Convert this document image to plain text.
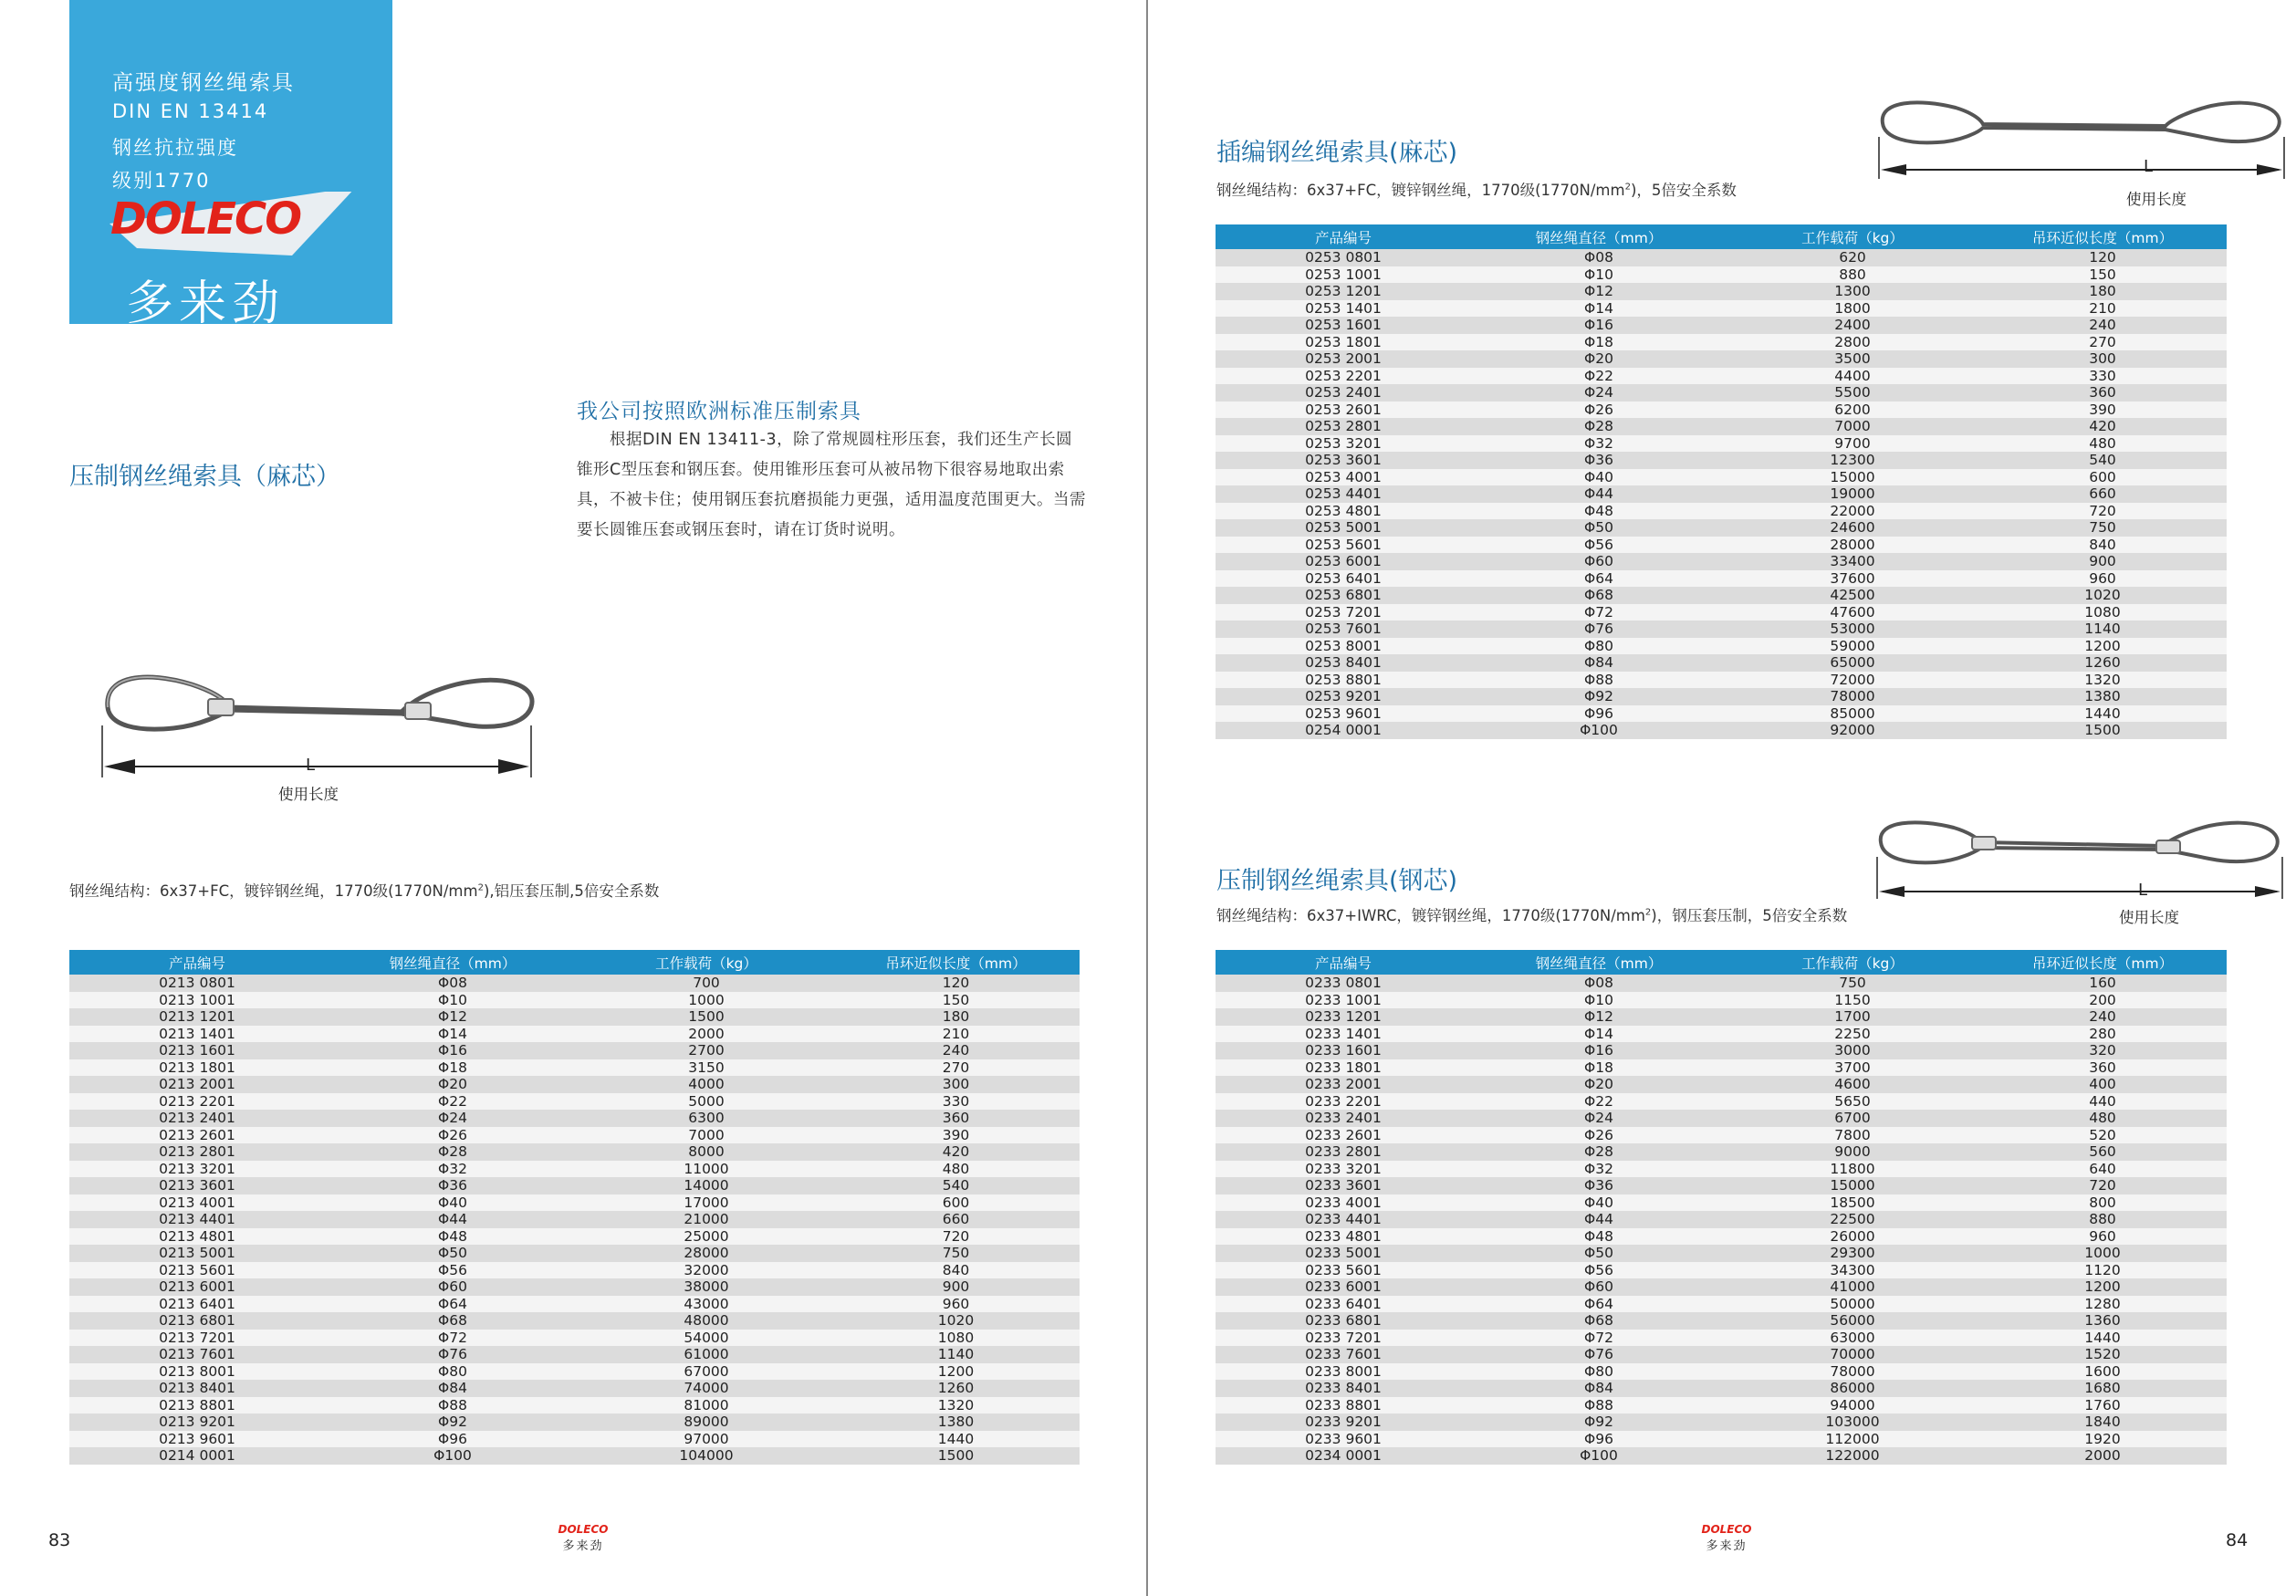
高强度钢丝绳索具
DIN EN 13414
钢丝抗拉强度
级别1770
DOLECO
多来劲
我公司按照欧洲标准压制索具
根据DIN EN 13411-3，除了常规圆柱形压套，我们还生产长圆锥形C型压套和钢压套。使用锥形压套可从被吊物下很容易地取出索具，不被卡住；使用钢压套抗磨损能力更强，适用温度范围更大。当需要长圆锥压套或钢压套时，请在订货时说明。
压制钢丝绳索具（麻芯）
L
使用长度
钢丝绳结构：6x37+FC，镀锌钢丝绳，1770级$(1770N/mm^2)$,铝压套压制,5倍安全系数
产品编号	钢丝绳直径（mm）	工作载荷（kg）	吊环近似长度（mm）
0213 0801	Φ08	700	120
0213 1001	Φ10	1000	150
0213 1201	Φ12	1500	180
0213 1401	Φ14	2000	210
0213 1601	Φ16	2700	240
0213 1801	Φ18	3150	270
0213 2001	Φ20	4000	300
0213 2201	Φ22	5000	330
0213 2401	Φ24	6300	360
0213 2601	Φ26	7000	390
0213 2801	Φ28	8000	420
0213 3201	Φ32	11000	480
0213 3601	Φ36	14000	540
0213 4001	Φ40	17000	600
0213 4401	Φ44	21000	660
0213 4801	Φ48	25000	720
0213 5001	Φ50	28000	750
0213 5601	Φ56	32000	840
0213 6001	Φ60	38000	900
0213 6401	Φ64	43000	960
0213 6801	Φ68	48000	1020
0213 7201	Φ72	54000	1080
0213 7601	Φ76	61000	1140
0213 8001	Φ80	67000	1200
0213 8401	Φ84	74000	1260
0213 8801	Φ88	81000	1320
0213 9201	Φ92	89000	1380
0213 9601	Φ96	97000	1440
0214 0001	Φ100	104000	1500
83
DOLECO
多来劲
插编钢丝绳索具(麻芯)
钢丝绳结构：6x37+FC，镀锌钢丝绳，1770级$(1770N/mm^2)$，5倍安全系数
L
使用长度
产品编号	钢丝绳直径（mm）	工作载荷（kg）	吊环近似长度（mm）
0253 0801	Φ08	620	120
0253 1001	Φ10	880	150
0253 1201	Φ12	1300	180
0253 1401	Φ14	1800	210
0253 1601	Φ16	2400	240
0253 1801	Φ18	2800	270
0253 2001	Φ20	3500	300
0253 2201	Φ22	4400	330
0253 2401	Φ24	5500	360
0253 2601	Φ26	6200	390
0253 2801	Φ28	7000	420
0253 3201	Φ32	9700	480
0253 3601	Φ36	12300	540
0253 4001	Φ40	15000	600
0253 4401	Φ44	19000	660
0253 4801	Φ48	22000	720
0253 5001	Φ50	24600	750
0253 5601	Φ56	28000	840
0253 6001	Φ60	33400	900
0253 6401	Φ64	37600	960
0253 6801	Φ68	42500	1020
0253 7201	Φ72	47600	1080
0253 7601	Φ76	53000	1140
0253 8001	Φ80	59000	1200
0253 8401	Φ84	65000	1260
0253 8801	Φ88	72000	1320
0253 9201	Φ92	78000	1380
0253 9601	Φ96	85000	1440
0254 0001	Φ100	92000	1500
压制钢丝绳索具(钢芯)
钢丝绳结构：6x37+IWRC，镀锌钢丝绳，1770级$(1770N/mm^2)$，钢压套压制，5倍安全系数
L
使用长度
产品编号	钢丝绳直径（mm）	工作载荷（kg）	吊环近似长度（mm）
0233 0801	Φ08	750	160
0233 1001	Φ10	1150	200
0233 1201	Φ12	1700	240
0233 1401	Φ14	2250	280
0233 1601	Φ16	3000	320
0233 1801	Φ18	3700	360
0233 2001	Φ20	4600	400
0233 2201	Φ22	5650	440
0233 2401	Φ24	6700	480
0233 2601	Φ26	7800	520
0233 2801	Φ28	9000	560
0233 3201	Φ32	11800	640
0233 3601	Φ36	15000	720
0233 4001	Φ40	18500	800
0233 4401	Φ44	22500	880
0233 4801	Φ48	26000	960
0233 5001	Φ50	29300	1000
0233 5601	Φ56	34300	1120
0233 6001	Φ60	41000	1200
0233 6401	Φ64	50000	1280
0233 6801	Φ68	56000	1360
0233 7201	Φ72	63000	1440
0233 7601	Φ76	70000	1520
0233 8001	Φ80	78000	1600
0233 8401	Φ84	86000	1680
0233 8801	Φ88	94000	1760
0233 9201	Φ92	103000	1840
0233 9601	Φ96	112000	1920
0234 0001	Φ100	122000	2000
84
DOLECO
多来劲
